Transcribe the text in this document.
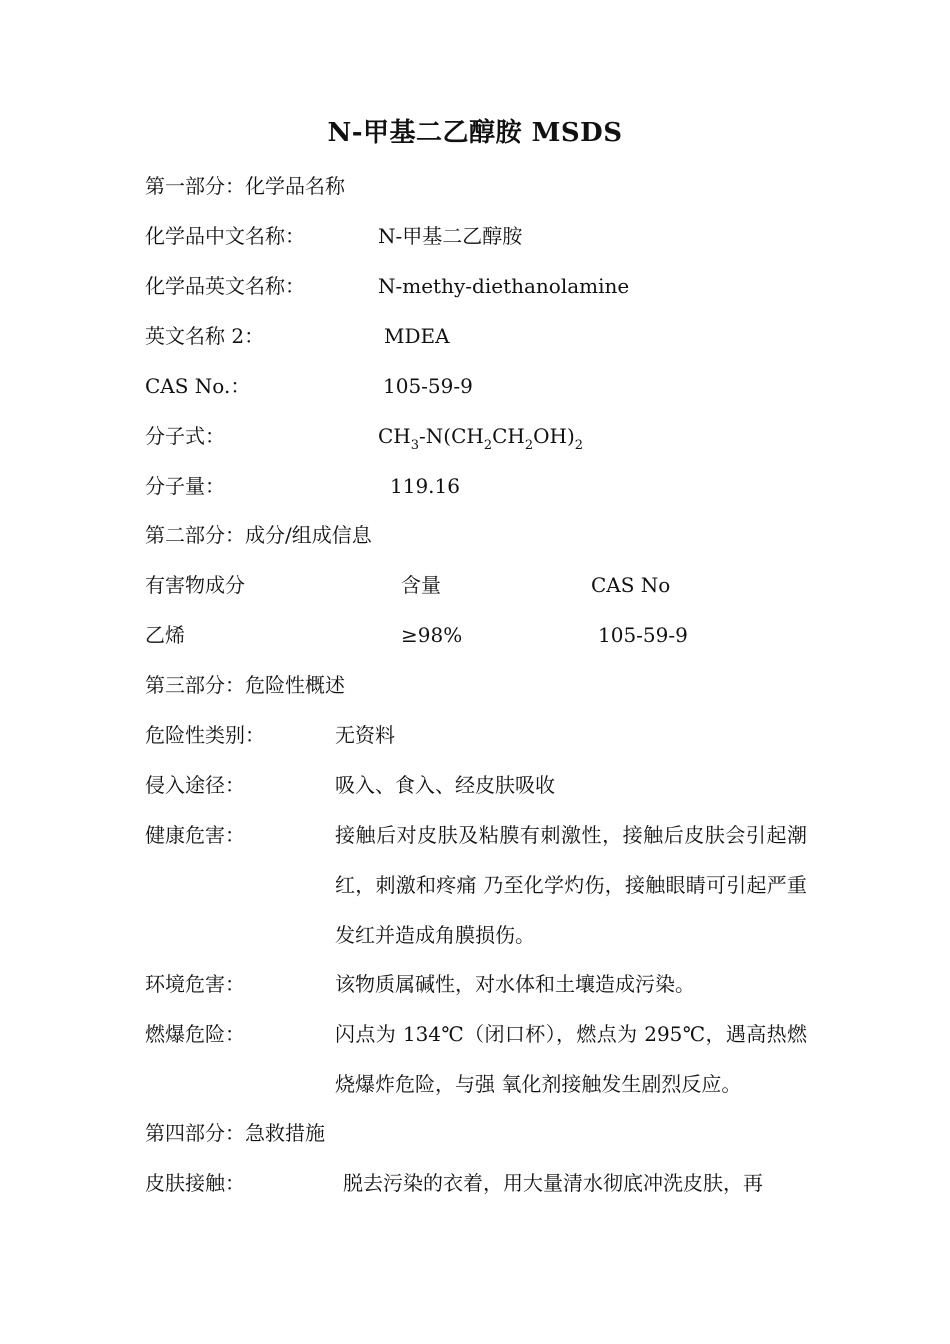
N-甲基二乙醇胺 MSDS
第一部分：化学品名称
化学品中文名称：	N-甲基二乙醇胺
化学品英文名称：	N-methy-diethanolamine
英文名称 2：	MDEA
CAS No.：	105-59-9
分子式：	$CH_3-N(CH_2CH_2OH)_2$
分子量：	119.16
第二部分：成分/组成信息
有害物成分	含量	CAS No
乙烯	≥98%	105-59-9
第三部分：危险性概述
危险性类别：	无资料
侵入途径：	吸入、食入、经皮肤吸收
健康危害：	接触后对皮肤及粘膜有刺激性，接触后皮肤会引起潮红，刺激和疼痛 乃至化学灼伤，接触眼睛可引起严重发红并造成角膜损伤。
环境危害：	该物质属碱性，对水体和土壤造成污染。
燃爆危险：	闪点为 134℃（闭口杯），燃点为 295℃，遇高热燃烧爆炸危险，与强 氧化剂接触发生剧烈反应。
第四部分：急救措施
皮肤接触：	脱去污染的衣着，用大量清水彻底冲洗皮肤，再
